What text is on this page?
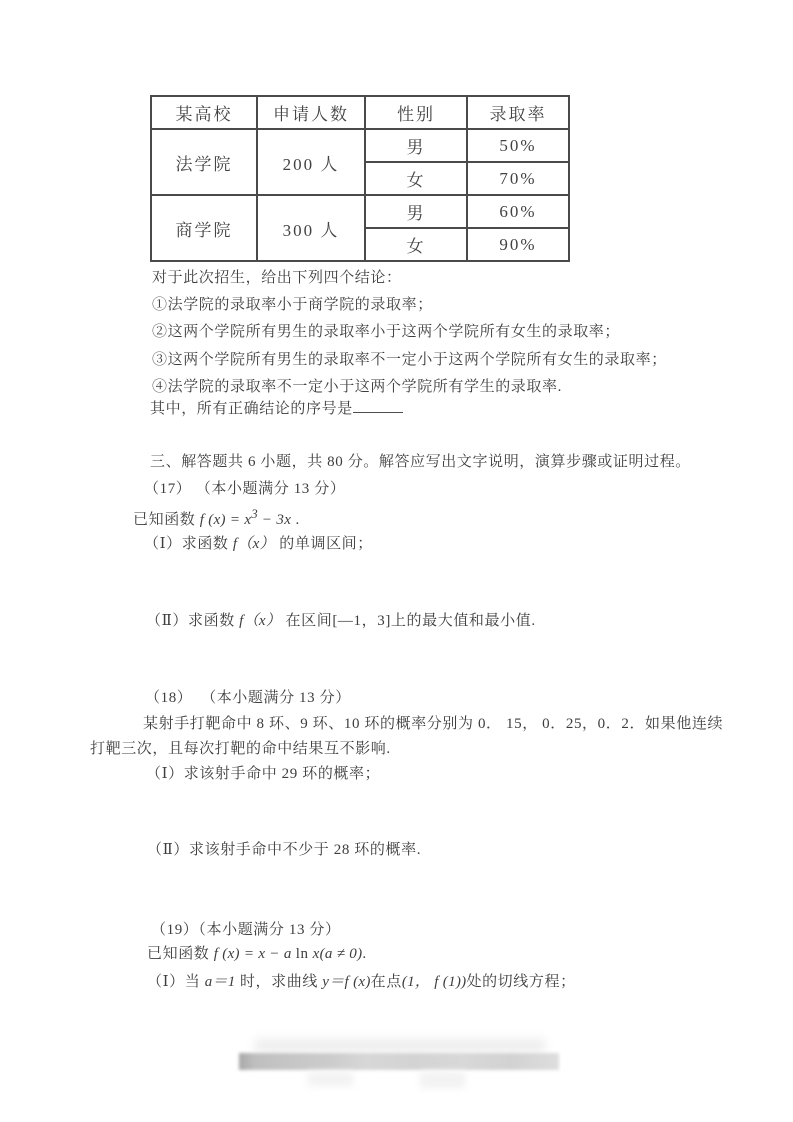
某高校	申请人数	性别	录取率
法学院	200 人	男	50%
		女	70%
商学院	300 人	男	60%
		女	90%
对于此次招生，给出下列四个结论：
①法学院的录取率小于商学院的录取率；
②这两个学院所有男生的录取率小于这两个学院所有女生的录取率；
③这两个学院所有男生的录取率不一定小于这两个学院所有女生的录取率；
④法学院的录取率不一定小于这两个学院所有学生的录取率.
其中，所有正确结论的序号是
三、解答题共 6 小题，共 80 分。解答应写出文字说明，演算步骤或证明过程。
（17） （本小题满分 13 分）
已知函数 f $(x) = x^3 - 3x$ .
（Ⅰ）求函数 f（x） 的单调区间；
（Ⅱ）求函数 f（x） 在区间[—1，3]上的最大值和最小值.
（18）  （本小题满分 13 分）
某射手打靶命中 8 环、9 环、10 环的概率分别为 0． 15， 0．25，0．2．如果他连续
打靶三次，且每次打靶的命中结果互不影响.
（Ⅰ）求该射手命中 29 环的概率；
（Ⅱ）求该射手命中不少于 28 环的概率.
（19）（本小题满分 13 分）
已知函数 f (x) = x − a ln x(a ≠ 0).
（Ⅰ）当 a＝1 时，求曲线 y＝f (x)在点(1， f (1))处的切线方程；
